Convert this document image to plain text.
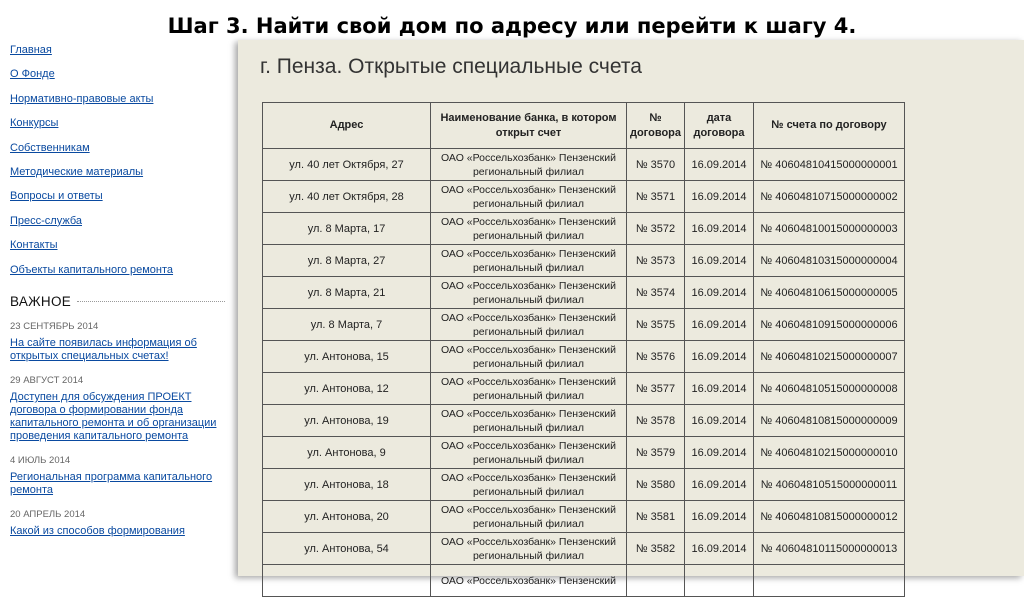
Шаг 3. Найти свой дом по адресу или перейти к шагу 4.
Главная
О Фонде
Нормативно-правовые акты
Конкурсы
Собственникам
Методические материалы
Вопросы и ответы
Пресс-служба
Контакты
Объекты капитального ремонта
ВАЖНОЕ
23 СЕНТЯБРЬ 2014
На сайте появилась информация об открытых специальных счетах!
29 АВГУСТ 2014
Доступен для обсуждения ПРОЕКТ договора о формировании фонда капитального ремонта и об организации проведения капитального ремонта
4 ИЮЛЬ 2014
Региональная программа капитального ремонта
20 АПРЕЛЬ 2014
Какой из способов формирования
г. Пенза. Открытые специальные счета
Адрес	Наименование банка, в котором открыт счет	№ договора	дата договора	№ счета по договору
ул. 40 лет Октября, 27	ОАО «Россельхозбанк» Пензенский региональный филиал	№ 3570	16.09.2014	№ 40604810415000000001
ул. 40 лет Октября, 28	ОАО «Россельхозбанк» Пензенский региональный филиал	№ 3571	16.09.2014	№ 40604810715000000002
ул. 8 Марта, 17	ОАО «Россельхозбанк» Пензенский региональный филиал	№ 3572	16.09.2014	№ 40604810015000000003
ул. 8 Марта, 27	ОАО «Россельхозбанк» Пензенский региональный филиал	№ 3573	16.09.2014	№ 40604810315000000004
ул. 8 Марта, 21	ОАО «Россельхозбанк» Пензенский региональный филиал	№ 3574	16.09.2014	№ 40604810615000000005
ул. 8 Марта, 7	ОАО «Россельхозбанк» Пензенский региональный филиал	№ 3575	16.09.2014	№ 40604810915000000006
ул. Антонова, 15	ОАО «Россельхозбанк» Пензенский региональный филиал	№ 3576	16.09.2014	№ 40604810215000000007
ул. Антонова, 12	ОАО «Россельхозбанк» Пензенский региональный филиал	№ 3577	16.09.2014	№ 40604810515000000008
ул. Антонова, 19	ОАО «Россельхозбанк» Пензенский региональный филиал	№ 3578	16.09.2014	№ 40604810815000000009
ул. Антонова, 9	ОАО «Россельхозбанк» Пензенский региональный филиал	№ 3579	16.09.2014	№ 40604810215000000010
ул. Антонова, 18	ОАО «Россельхозбанк» Пензенский региональный филиал	№ 3580	16.09.2014	№ 40604810515000000011
ул. Антонова, 20	ОАО «Россельхозбанк» Пензенский региональный филиал	№ 3581	16.09.2014	№ 40604810815000000012
ул. Антонова, 54	ОАО «Россельхозбанк» Пензенский региональный филиал	№ 3582	16.09.2014	№ 40604810115000000013
	ОАО «Россельхозбанк» Пензенский			
